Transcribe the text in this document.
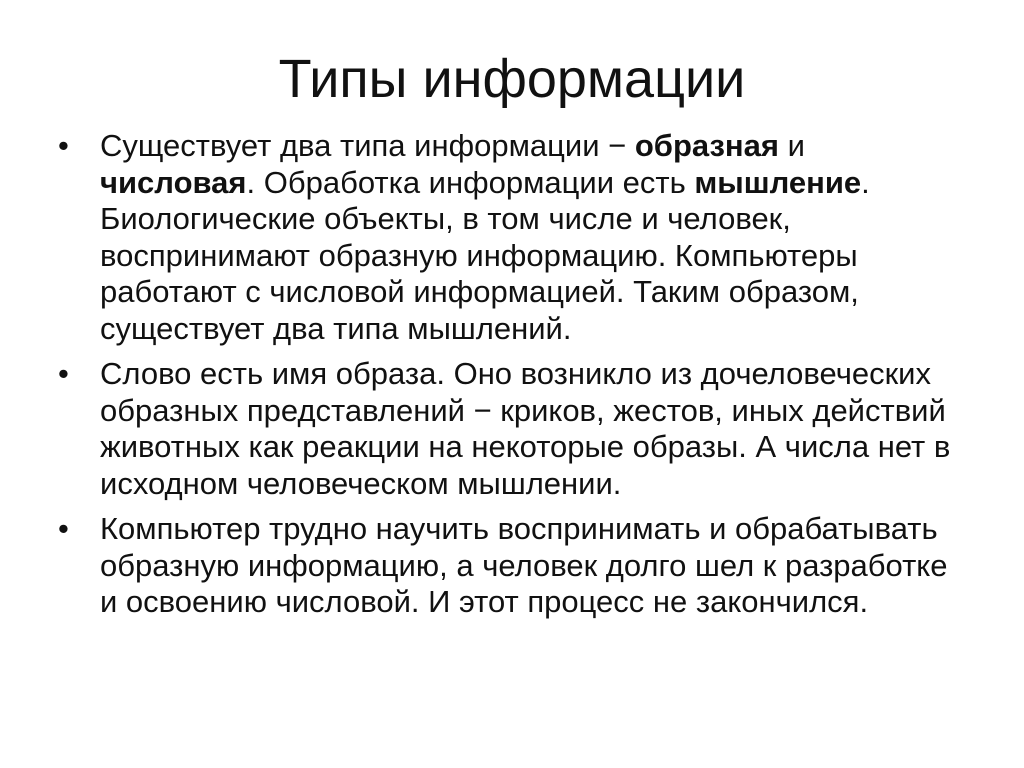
Типы информации
•	Существует два типа информации − образная и числовая. Обработка информации есть мышление. Биологические объекты, в том числе и человек, воспринимают образную информацию. Компьютеры работают с числовой информацией. Таким образом, существует два типа мышлений.
•	Слово есть имя образа. Оно возникло из дочеловеческих образных представлений − криков, жестов, иных действий животных как реакции на некоторые образы. А числа нет в исходном человеческом мышлении.
•	Компьютер трудно научить воспринимать и обрабатывать образную информацию, а человек долго шел к разработке и освоению числовой. И этот процесс не закончился.
